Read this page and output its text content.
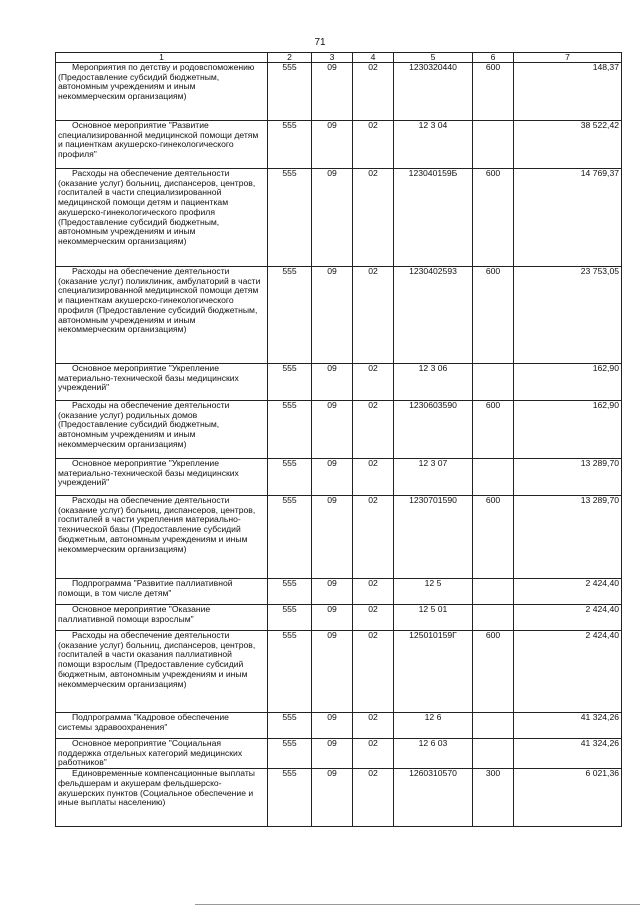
71
1	2	3	4	5	6	7
Мероприятия по детству и родовспоможению (Предоставление субсидий бюджетным, автономным учреждениям и иным некоммерческим организациям)	555	09	02	1230320440	600	148,37
Основное мероприятие "Развитие специализированной медицинской помощи детям и пациенткам акушерско-гинекологического профиля"	555	09	02	12 3 04		38 522,42
Расходы на обеспечение деятельности (оказание услуг) больниц, диспансеров, центров, госпиталей в части специализированной медицинской помощи детям и пациенткам акушерско-гинекологического профиля (Предоставление субсидий бюджетным, автономным учреждениям и иным некоммерческим организациям)	555	09	02	123040159Б	600	14 769,37
Расходы на обеспечение деятельности (оказание услуг) поликлиник, амбулаторий в части специализированной медицинской помощи детям и пациенткам акушерско-гинекологического профиля (Предоставление субсидий бюджетным, автономным учреждениям и иным некоммерческим организациям)	555	09	02	1230402593	600	23 753,05
Основное мероприятие "Укрепление материально-технической базы медицинских учреждений"	555	09	02	12 3 06		162,90
Расходы на обеспечение деятельности (оказание услуг) родильных домов (Предоставление субсидий бюджетным, автономным учреждениям и иным некоммерческим организациям)	555	09	02	1230603590	600	162,90
Основное мероприятие "Укрепление материально-технической базы медицинских учреждений"	555	09	02	12 3 07		13 289,70
Расходы на обеспечение деятельности (оказание услуг) больниц, диспансеров, центров, госпиталей в части укрепления материально-технической базы (Предоставление субсидий бюджетным, автономным учреждениям и иным некоммерческим организациям)	555	09	02	1230701590	600	13 289,70
Подпрограмма "Развитие паллиативной помощи, в том числе детям"	555	09	02	12 5		2 424,40
Основное мероприятие "Оказание паллиативной помощи взрослым"	555	09	02	12 5 01		2 424,40
Расходы на обеспечение деятельности (оказание услуг) больниц, диспансеров, центров, госпиталей в части оказания паллиативной помощи взрослым (Предоставление субсидий бюджетным, автономным учреждениям и иным некоммерческим организациям)	555	09	02	125010159Г	600	2 424,40
Подпрограмма "Кадровое обеспечение системы здравоохранения"	555	09	02	12 6		41 324,26
Основное мероприятие "Социальная поддержка отдельных категорий медицинских работников"	555	09	02	12 6 03		41 324,26
Единовременные компенсационные выплаты фельдшерам и акушерам фельдшерско-акушерских пунктов (Социальное обеспечение и иные выплаты населению)	555	09	02	1260310570	300	6 021,36
